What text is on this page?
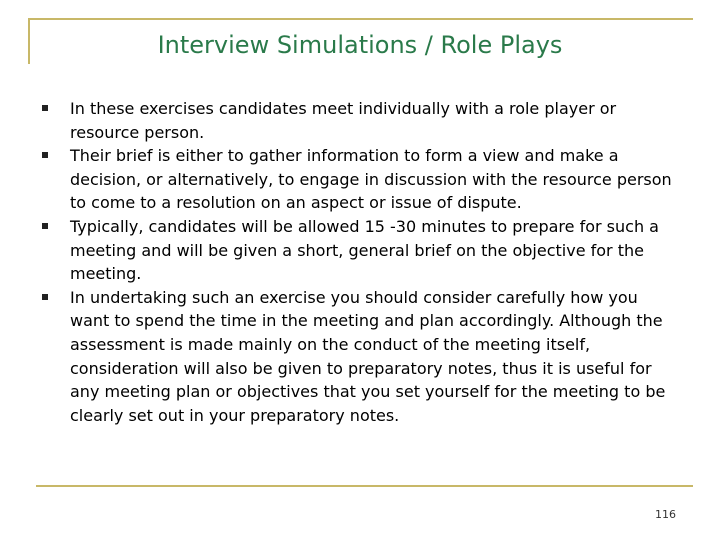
Interview Simulations / Role Plays
In these exercises candidates meet individually with a role player or resource person.
Their brief is either to gather information to form a view and make a decision, or alternatively, to engage in discussion with the resource person to come to a resolution on an aspect or issue of dispute.
Typically, candidates will be allowed 15 -30 minutes to prepare for such a meeting and will be given a short, general brief on the objective for the meeting.
In undertaking such an exercise you should consider carefully how you want to spend the time in the meeting and plan accordingly. Although the assessment is made mainly on the conduct of the meeting itself, consideration will also be given to preparatory notes, thus it is useful for any meeting plan or objectives that you set yourself for the meeting to be clearly set out in your preparatory notes.
116
